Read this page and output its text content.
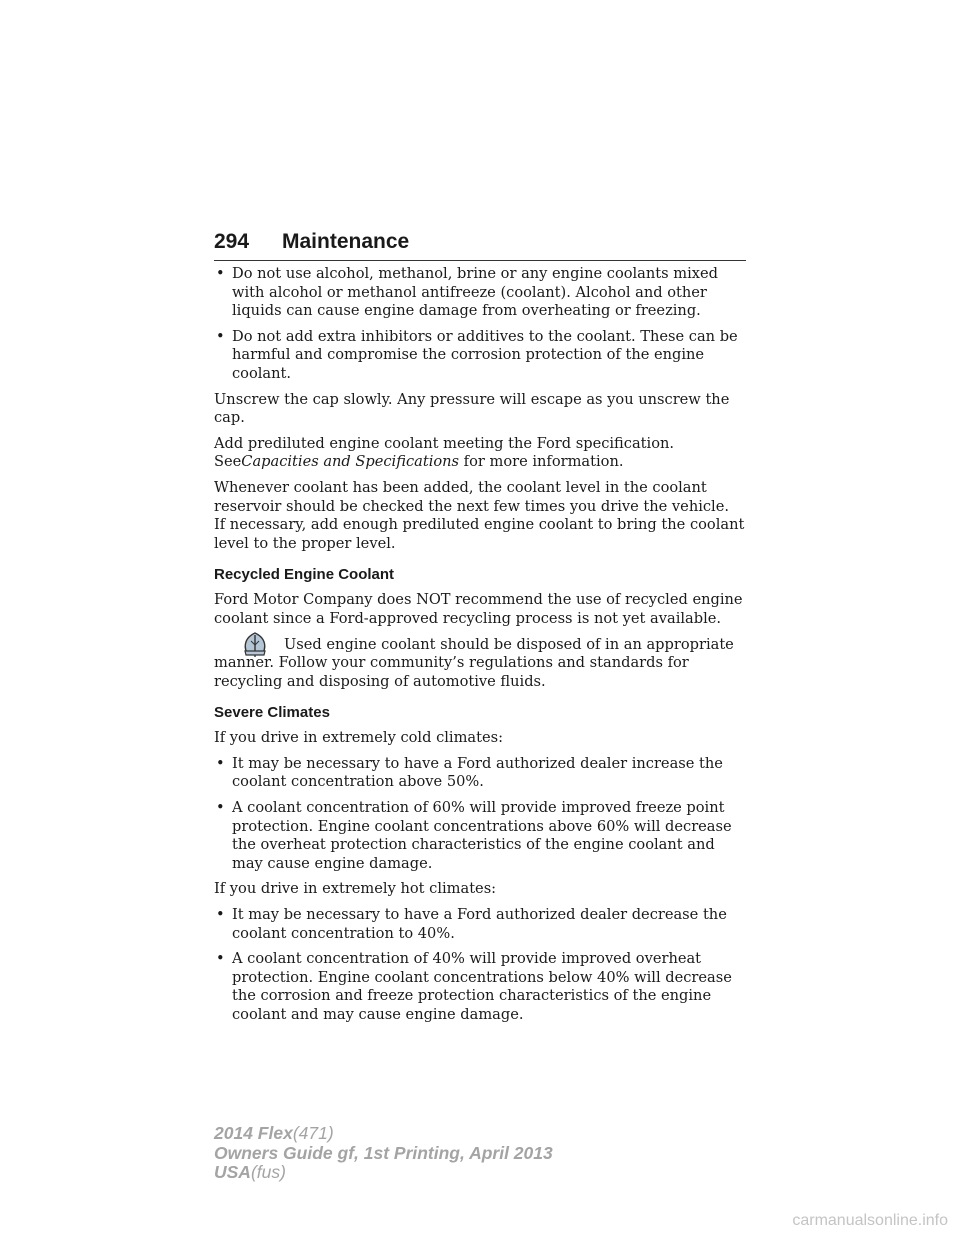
294 Maintenance
• Do not use alcohol, methanol, brine or any engine coolants mixed with alcohol or methanol antifreeze (coolant). Alcohol and other liquids can cause engine damage from overheating or freezing.
• Do not add extra inhibitors or additives to the coolant. These can be harmful and compromise the corrosion protection of the engine coolant.

Unscrew the cap slowly. Any pressure will escape as you unscrew the cap.

Add prediluted engine coolant meeting the Ford specification.
SeeCapacities and Specifications for more information.

Whenever coolant has been added, the coolant level in the coolant reservoir should be checked the next few times you drive the vehicle.
If necessary, add enough prediluted engine coolant to bring the coolant level to the proper level.

Recycled Engine Coolant

Ford Motor Company does NOT recommend the use of recycled engine coolant since a Ford-approved recycling process is not yet available.

Used engine coolant should be disposed of in an appropriate manner. Follow your community’s regulations and standards for recycling and disposing of automotive fluids.

Severe Climates

If you drive in extremely cold climates:

• It may be necessary to have a Ford authorized dealer increase the coolant concentration above 50%.
• A coolant concentration of 60% will provide improved freeze point protection. Engine coolant concentrations above 60% will decrease the overheat protection characteristics of the engine coolant and may cause engine damage.

If you drive in extremely hot climates:

• It may be necessary to have a Ford authorized dealer decrease the coolant concentration to 40%.
• A coolant concentration of 40% will provide improved overheat protection. Engine coolant concentrations below 40% will decrease the corrosion and freeze protection characteristics of the engine coolant and may cause engine damage.
2014 Flex(471)
Owners Guide gf, 1st Printing, April 2013
USA(fus)
carmanualsonline.info
